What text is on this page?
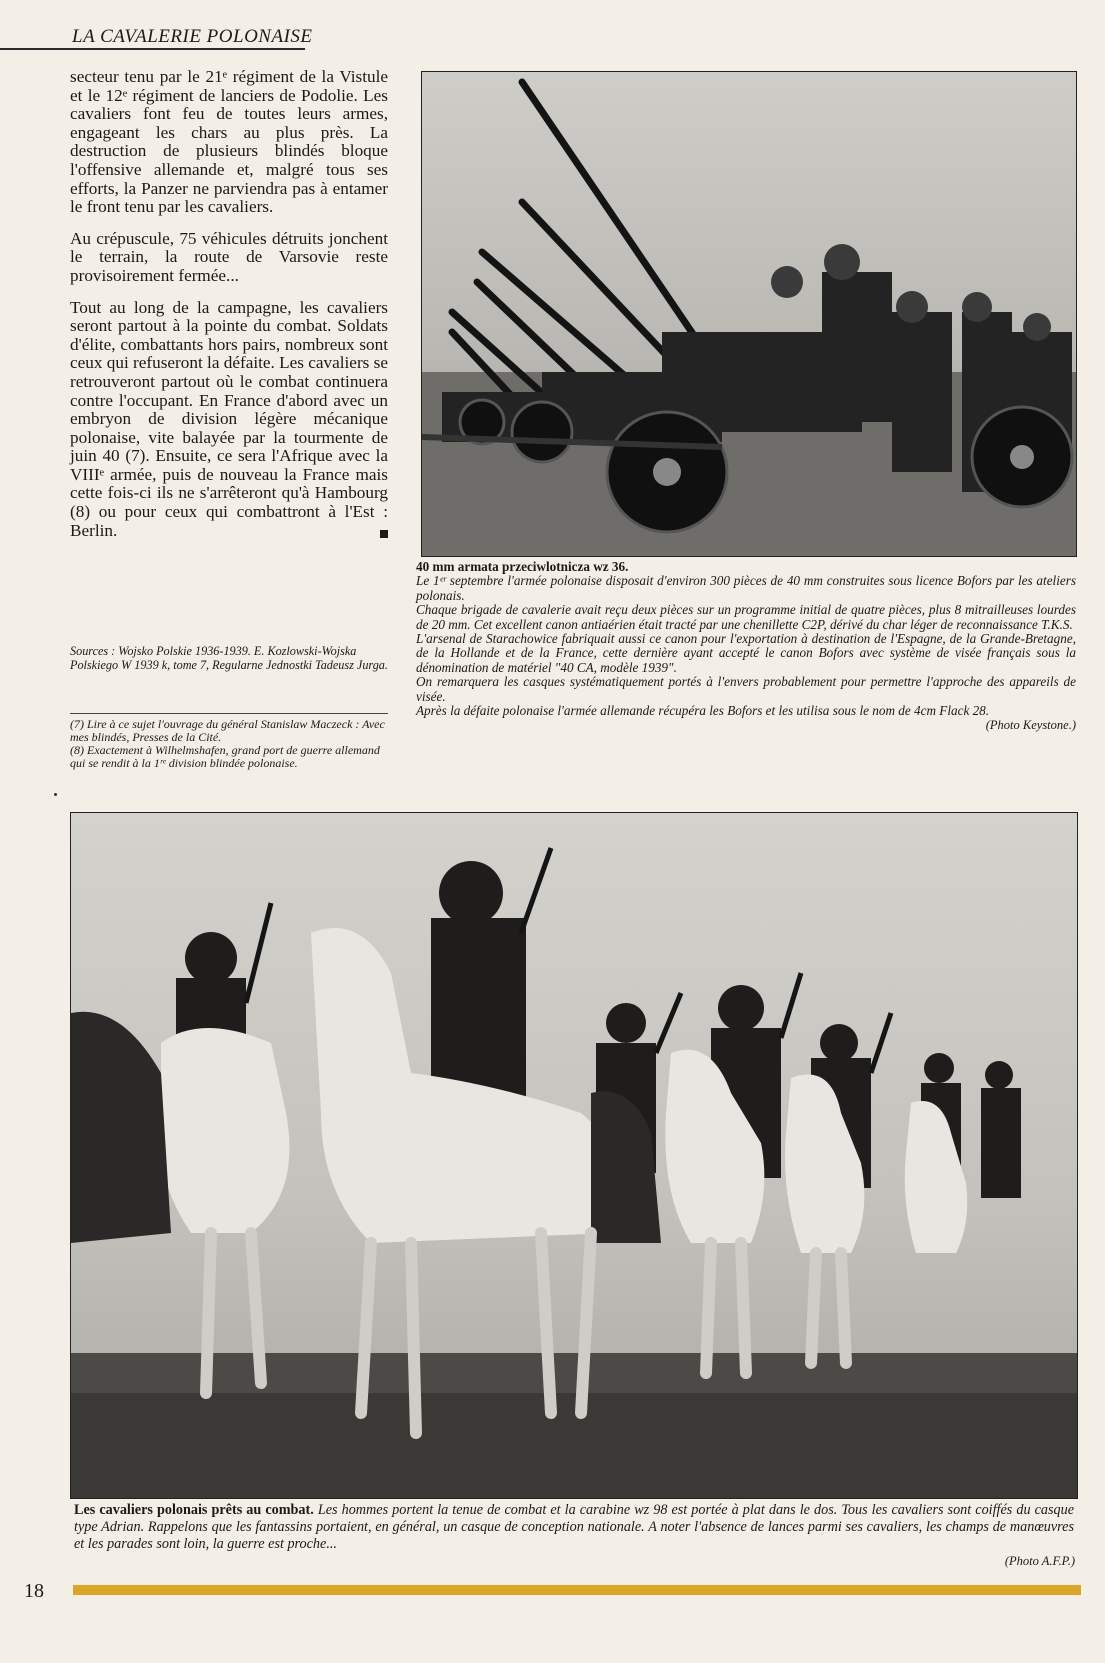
LA CAVALERIE POLONAISE

secteur tenu par le 21ᵉ régiment de la Vistule et le 12ᵉ régiment de lanciers de Podolie. Les cavaliers font feu de toutes leurs armes, engageant les chars au plus près. La destruction de plusieurs blindés bloque l'offensive allemande et, malgré tous ses efforts, la Panzer ne parviendra pas à entamer le front tenu par les cavaliers.

Au crépuscule, 75 véhicules détruits jonchent le terrain, la route de Varsovie reste provisoirement fermée...

Tout au long de la campagne, les cavaliers seront partout à la pointe du combat. Soldats d'élite, combattants hors pairs, nombreux sont ceux qui refuseront la défaite. Les cavaliers se retrouveront partout où le combat continuera contre l'occupant. En France d'abord avec un embryon de division légère mécanique polonaise, vite balayée par la tourmente de juin 40 (7). Ensuite, ce sera l'Afrique avec la VIIIᵉ armée, puis de nouveau la France mais cette fois-ci ils ne s'arrêteront qu'à Hambourg (8) ou pour ceux qui combattront à l'Est : Berlin.

Sources : Wojsko Polskie 1936-1939. E. Kozlowski-Wojska Polskiego W 1939 k, tome 7, Regularne Jednostki Tadeusz Jurga.

(7) Lire à ce sujet l'ouvrage du général Stanislaw Maczeck : Avec mes blindés, Presses de la Cité.

(8) Exactement à Wilhelmshafen, grand port de guerre allemand qui se rendit à la 1ʳᵉ division blindée polonaise.

40 mm armata przeciwlotnicza wz 36.

Le 1ᵉʳ septembre l'armée polonaise disposait d'environ 300 pièces de 40 mm construites sous licence Bofors par les ateliers polonais.

Chaque brigade de cavalerie avait reçu deux pièces sur un programme initial de quatre pièces, plus 8 mitrailleuses lourdes de 20 mm. Cet excellent canon antiaérien était tracté par une chenillette C2P, dérivé du char léger de reconnaissance T.K.S.

L'arsenal de Starachowice fabriquait aussi ce canon pour l'exportation à destination de l'Espagne, de la Grande-Bretagne, de la Hollande et de la France, cette dernière ayant accepté le canon Bofors avec système de visée français sous la dénomination de matériel "40 CA, modèle 1939".

On remarquera les casques systématiquement portés à l'envers probablement pour permettre l'approche des appareils de visée.

Après la défaite polonaise l'armée allemande récupéra les Bofors et les utilisa sous le nom de 4cm Flack 28.
(Photo Keystone.)

Les cavaliers polonais prêts au combat. Les hommes portent la tenue de combat et la carabine wz 98 est portée à plat dans le dos. Tous les cavaliers sont coiffés du casque type Adrian. Rappelons que les fantassins portaient, en général, un casque de conception nationale. A noter l'absence de lances parmi ses cavaliers, les champs de manœuvres et les parades sont loin, la guerre est proche...
(Photo A.F.P.)
18
